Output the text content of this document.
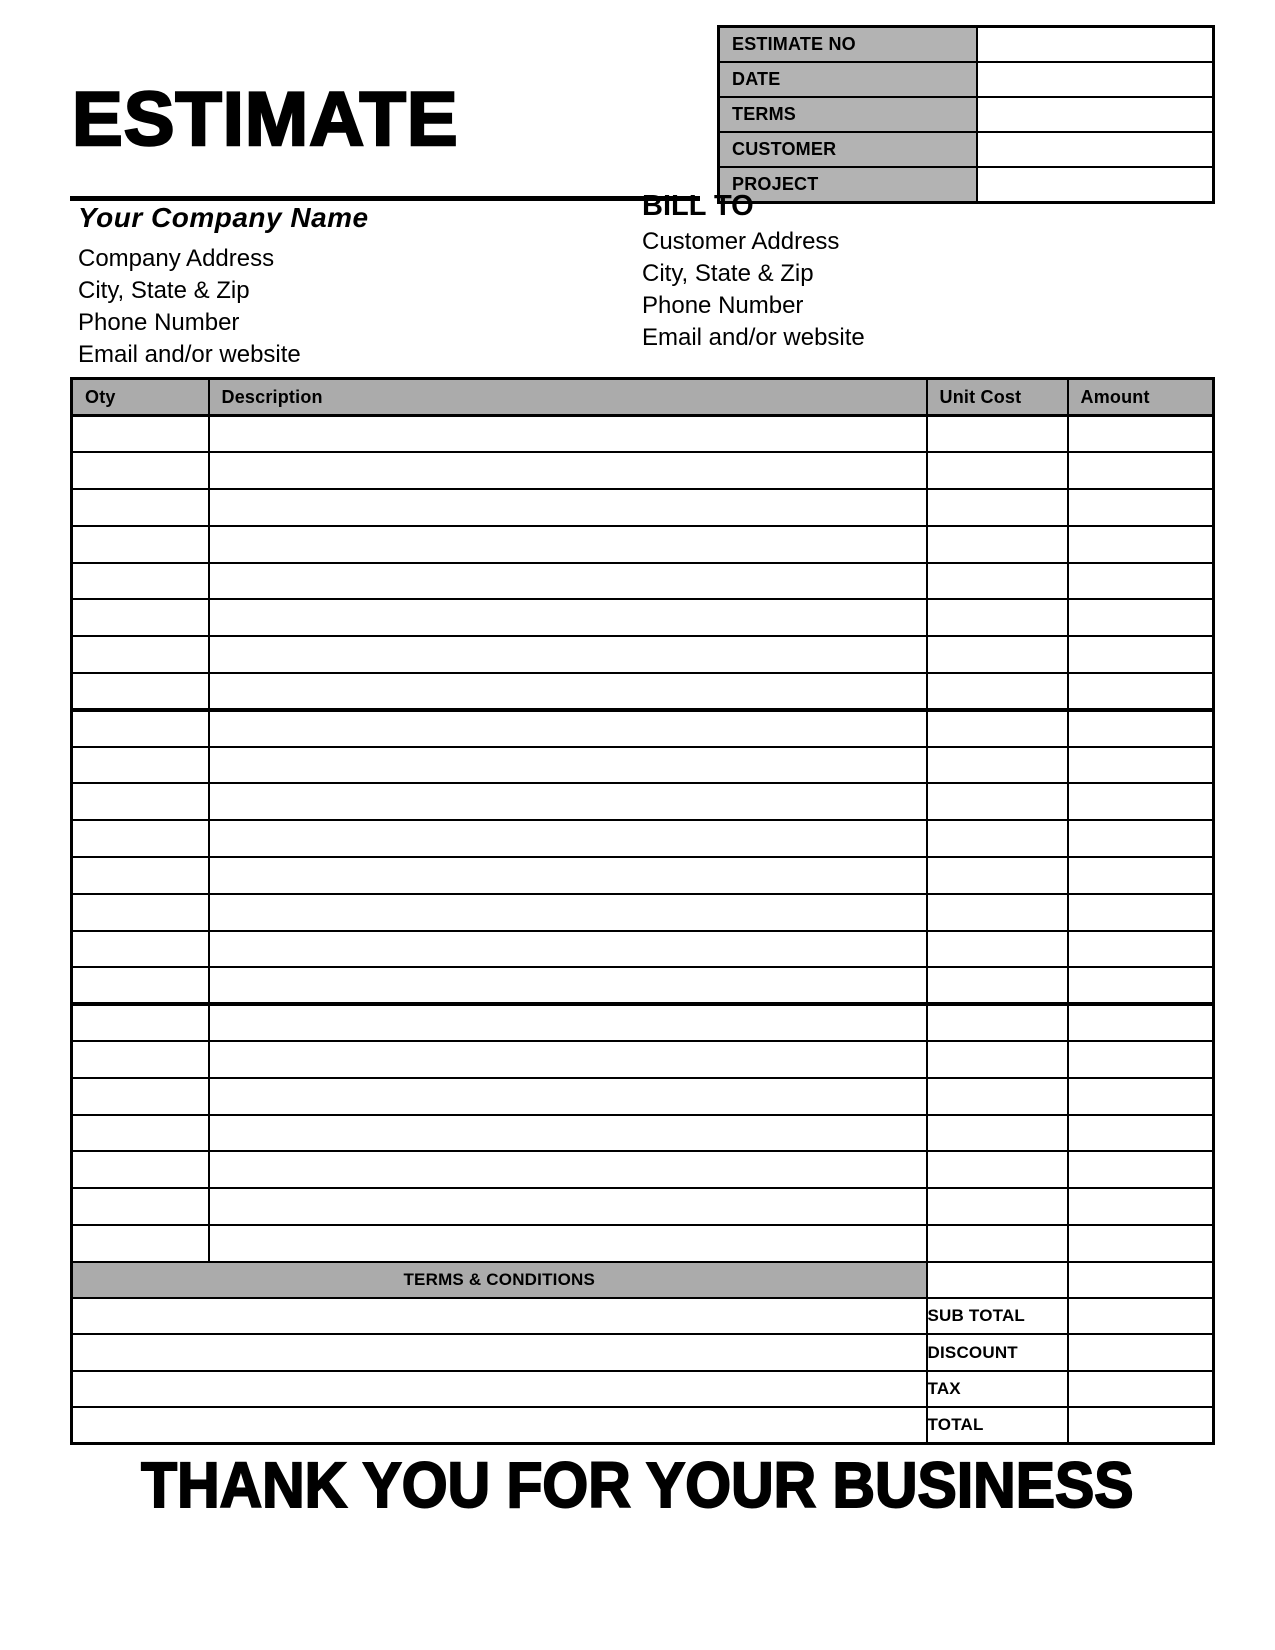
ESTIMATE
ESTIMATE NO	
DATE	
TERMS	
CUSTOMER	
PROJECT	
Your Company Name
Company Address
City, State & Zip
Phone Number
Email and/or website
BILL TO
Customer Address
City, State & Zip
Phone Number
Email and/or website
Oty	Description	Unit Cost	Amount

TERMS & CONDITIONS			
		SUB TOTAL	
		DISCOUNT	
		TAX	
		TOTAL	
THANK YOU FOR YOUR BUSINESS
